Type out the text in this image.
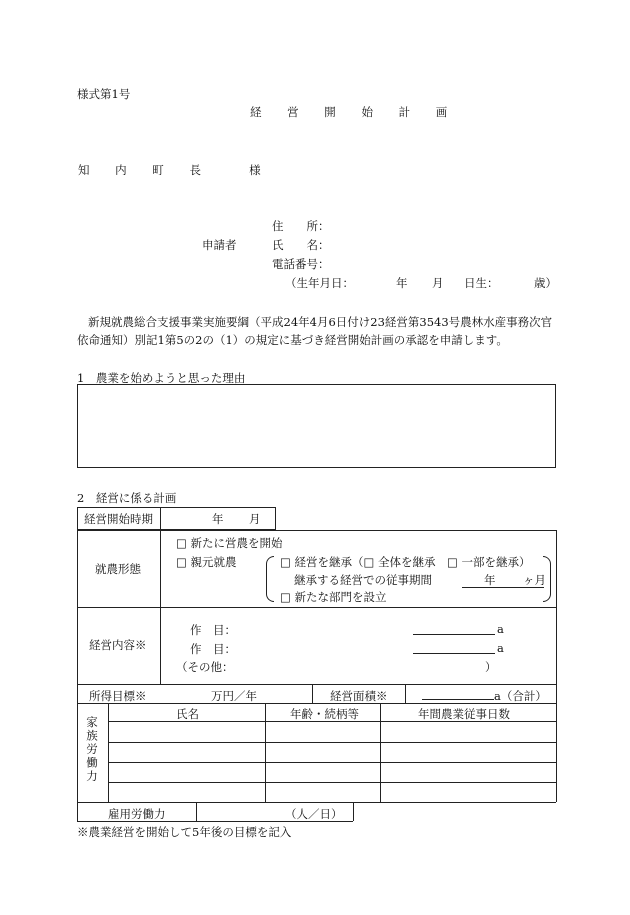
様式第1号
経 営 開 始 計 画
知 内 町 長　 様
住　　所：
申請者	氏　　名：
電話番号：
（生年月日：	年 月 日生：	歳）
新規就農総合支援事業実施要綱（平成24年4月6日付け23経営第3543号農林水産事務次官
依命通知）別記1第5の2の（1）の規定に基づき経営開始計画の承認を申請します。
1　農業を始めようと思った理由
2　経営に係る計画
経営開始時期	年 月
就農形態
□ 新たに営農を開始
□ 親元就農	□ 経営を継承（□ 全体を継承　□ 一部を継承）
継承する経営での従事期間	年 ヶ月
□ 新たな部門を設立
経営内容※
作　目：	a
作　目：	a
（その他：	）
所得目標※	万円／年	経営面積※	a（合計）
家族労働力
氏名	年齢・続柄等	年間農業従事日数
雇用労働力	（人／日）
※農業経営を開始して5年後の目標を記入
